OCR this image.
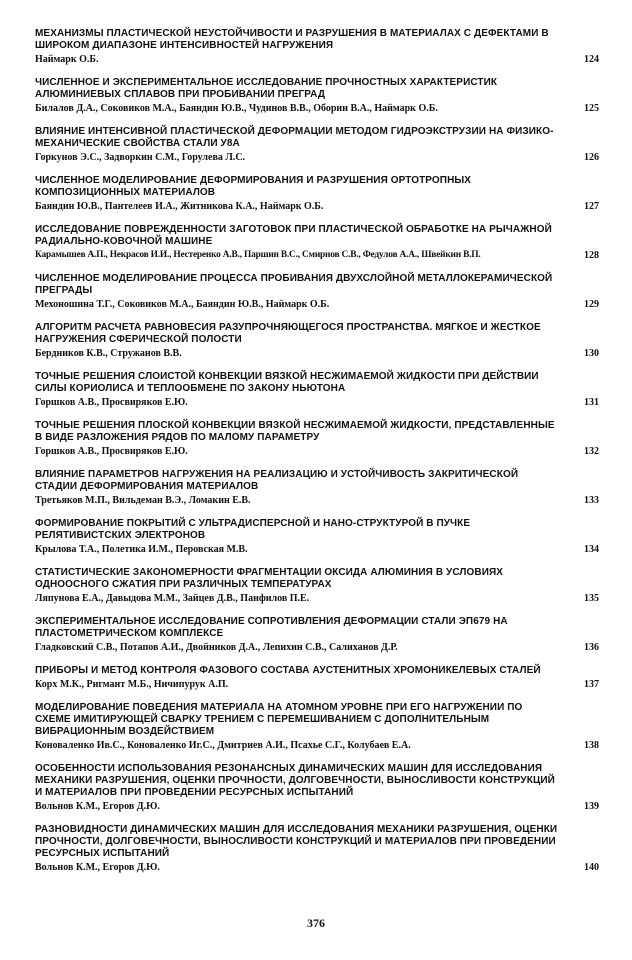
МЕХАНИЗМЫ ПЛАСТИЧЕСКОЙ НЕУСТОЙЧИВОСТИ И РАЗРУШЕНИЯ В МАТЕРИАЛАХ С ДЕФЕКТАМИ В ШИРОКОМ ДИАПАЗОНЕ ИНТЕНСИВНОСТЕЙ НАГРУЖЕНИЯ
Наймарк О.Б.	124
ЧИСЛЕННОЕ И ЭКСПЕРИМЕНТАЛЬНОЕ ИССЛЕДОВАНИЕ ПРОЧНОСТНЫХ ХАРАКТЕРИСТИК АЛЮМИНИЕВЫХ СПЛАВОВ ПРИ ПРОБИВАНИИ ПРЕГРАД
Билалов Д.А., Соковиков М.А., Баяндин Ю.В., Чудинов В.В., Оборин В.А., Наймарк О.Б.	125
ВЛИЯНИЕ ИНТЕНСИВНОЙ ПЛАСТИЧЕСКОЙ ДЕФОРМАЦИИ МЕТОДОМ ГИДРОЭКСТРУЗИИ НА ФИЗИКО-МЕХАНИЧЕСКИЕ СВОЙСТВА СТАЛИ У8А
Горкунов Э.С., Задворкин С.М., Горулева Л.С.	126
ЧИСЛЕННОЕ МОДЕЛИРОВАНИЕ ДЕФОРМИРОВАНИЯ И РАЗРУШЕНИЯ ОРТОТРОПНЫХ КОМПОЗИЦИОННЫХ МАТЕРИАЛОВ
Баяндин Ю.В., Пантелеев И.А., Житникова К.А., Наймарк О.Б.	127
ИССЛЕДОВАНИЕ ПОВРЕЖДЕННОСТИ ЗАГОТОВОК ПРИ ПЛАСТИЧЕСКОЙ ОБРАБОТКЕ НА РЫЧАЖНОЙ РАДИАЛЬНО-КОВОЧНОЙ МАШИНЕ
Карамышев А.П., Некрасов И.И., Нестеренко А.В., Паршин В.С., Смирнов С.В., Федулов А.А., Швейкин В.П.	128
ЧИСЛЕННОЕ МОДЕЛИРОВАНИЕ ПРОЦЕССА ПРОБИВАНИЯ ДВУХСЛОЙНОЙ МЕТАЛЛОКЕРАМИЧЕСКОЙ ПРЕГРАДЫ
Мехоношина Т.Г., Соковиков М.А., Баяндин Ю.В., Наймарк О.Б.	129
АЛГОРИТМ РАСЧЕТА РАВНОВЕСИЯ РАЗУПРОЧНЯЮЩЕГОСЯ ПРОСТРАНСТВА. МЯГКОЕ И ЖЕСТКОЕ НАГРУЖЕНИЯ СФЕРИЧЕСКОЙ ПОЛОСТИ
Бердников К.В., Стружанов В.В.	130
ТОЧНЫЕ РЕШЕНИЯ СЛОИСТОЙ КОНВЕКЦИИ ВЯЗКОЙ НЕСЖИМАЕМОЙ ЖИДКОСТИ ПРИ ДЕЙСТВИИ СИЛЫ КОРИОЛИСА И ТЕПЛООБМЕНЕ ПО ЗАКОНУ НЬЮТОНА
Горшков А.В., Просвиряков Е.Ю.	131
ТОЧНЫЕ РЕШЕНИЯ ПЛОСКОЙ КОНВЕКЦИИ ВЯЗКОЙ НЕСЖИМАЕМОЙ ЖИДКОСТИ, ПРЕДСТАВЛЕННЫЕ В ВИДЕ РАЗЛОЖЕНИЯ РЯДОВ ПО МАЛОМУ ПАРАМЕТРУ
Горшков А.В., Просвиряков Е.Ю.	132
ВЛИЯНИЕ ПАРАМЕТРОВ НАГРУЖЕНИЯ НА РЕАЛИЗАЦИЮ И УСТОЙЧИВОСТЬ ЗАКРИТИЧЕСКОЙ СТАДИИ ДЕФОРМИРОВАНИЯ МАТЕРИАЛОВ
Третьяков М.П., Вильдеман В.Э., Ломакин Е.В.	133
ФОРМИРОВАНИЕ ПОКРЫТИЙ С УЛЬТРАДИСПЕРСНОЙ И НАНО-СТРУКТУРОЙ В ПУЧКЕ РЕЛЯТИВИСТСКИХ ЭЛЕКТРОНОВ
Крылова Т.А., Полетика И.М., Перовская М.В.	134
СТАТИСТИЧЕСКИЕ ЗАКОНОМЕРНОСТИ ФРАГМЕНТАЦИИ ОКСИДА АЛЮМИНИЯ В УСЛОВИЯХ ОДНООСНОГО СЖАТИЯ ПРИ РАЗЛИЧНЫХ ТЕМПЕРАТУРАХ
Ляпунова Е.А., Давыдова М.М., Зайцев Д.В., Панфилов П.Е.	135
ЭКСПЕРИМЕНТАЛЬНОЕ ИССЛЕДОВАНИЕ СОПРОТИВЛЕНИЯ ДЕФОРМАЦИИ СТАЛИ ЭП679 НА ПЛАСТОМЕТРИЧЕСКОМ КОМПЛЕКСЕ
Гладковский С.В., Потапов А.И., Двойников Д.А., Лепихин С.В., Салиханов Д.Р.	136
ПРИБОРЫ И МЕТОД КОНТРОЛЯ ФАЗОВОГО СОСТАВА АУСТЕНИТНЫХ ХРОМОНИКЕЛЕВЫХ СТАЛЕЙ
Корх М.К., Ригмант М.Б., Ничипурук А.П.	137
МОДЕЛИРОВАНИЕ ПОВЕДЕНИЯ МАТЕРИАЛА НА АТОМНОМ УРОВНЕ ПРИ ЕГО НАГРУЖЕНИИ ПО СХЕМЕ ИМИТИРУЮЩЕЙ СВАРКУ ТРЕНИЕМ С ПЕРЕМЕШИВАНИЕМ С ДОПОЛНИТЕЛЬНЫМ ВИБРАЦИОННЫМ ВОЗДЕЙСТВИЕМ
Коноваленко Ив.С., Коноваленко Иг.С., Дмитриев А.И., Псахье С.Г., Колубаев Е.А.	138
ОСОБЕННОСТИ ИСПОЛЬЗОВАНИЯ РЕЗОНАНСНЫХ ДИНАМИЧЕСКИХ МАШИН ДЛЯ ИССЛЕДОВАНИЯ МЕХАНИКИ РАЗРУШЕНИЯ, ОЦЕНКИ ПРОЧНОСТИ, ДОЛГОВЕЧНОСТИ, ВЫНОСЛИВОСТИ КОНСТРУКЦИЙ И МАТЕРИАЛОВ ПРИ ПРОВЕДЕНИИ РЕСУРСНЫХ ИСПЫТАНИЙ
Вольнов К.М., Егоров Д.Ю.	139
РАЗНОВИДНОСТИ ДИНАМИЧЕСКИХ МАШИН ДЛЯ ИССЛЕДОВАНИЯ МЕХАНИКИ РАЗРУШЕНИЯ, ОЦЕНКИ ПРОЧНОСТИ, ДОЛГОВЕЧНОСТИ, ВЫНОСЛИВОСТИ КОНСТРУКЦИЙ И МАТЕРИАЛОВ ПРИ ПРОВЕДЕНИИ РЕСУРСНЫХ ИСПЫТАНИЙ
Вольнов К.М., Егоров Д.Ю.	140
376
